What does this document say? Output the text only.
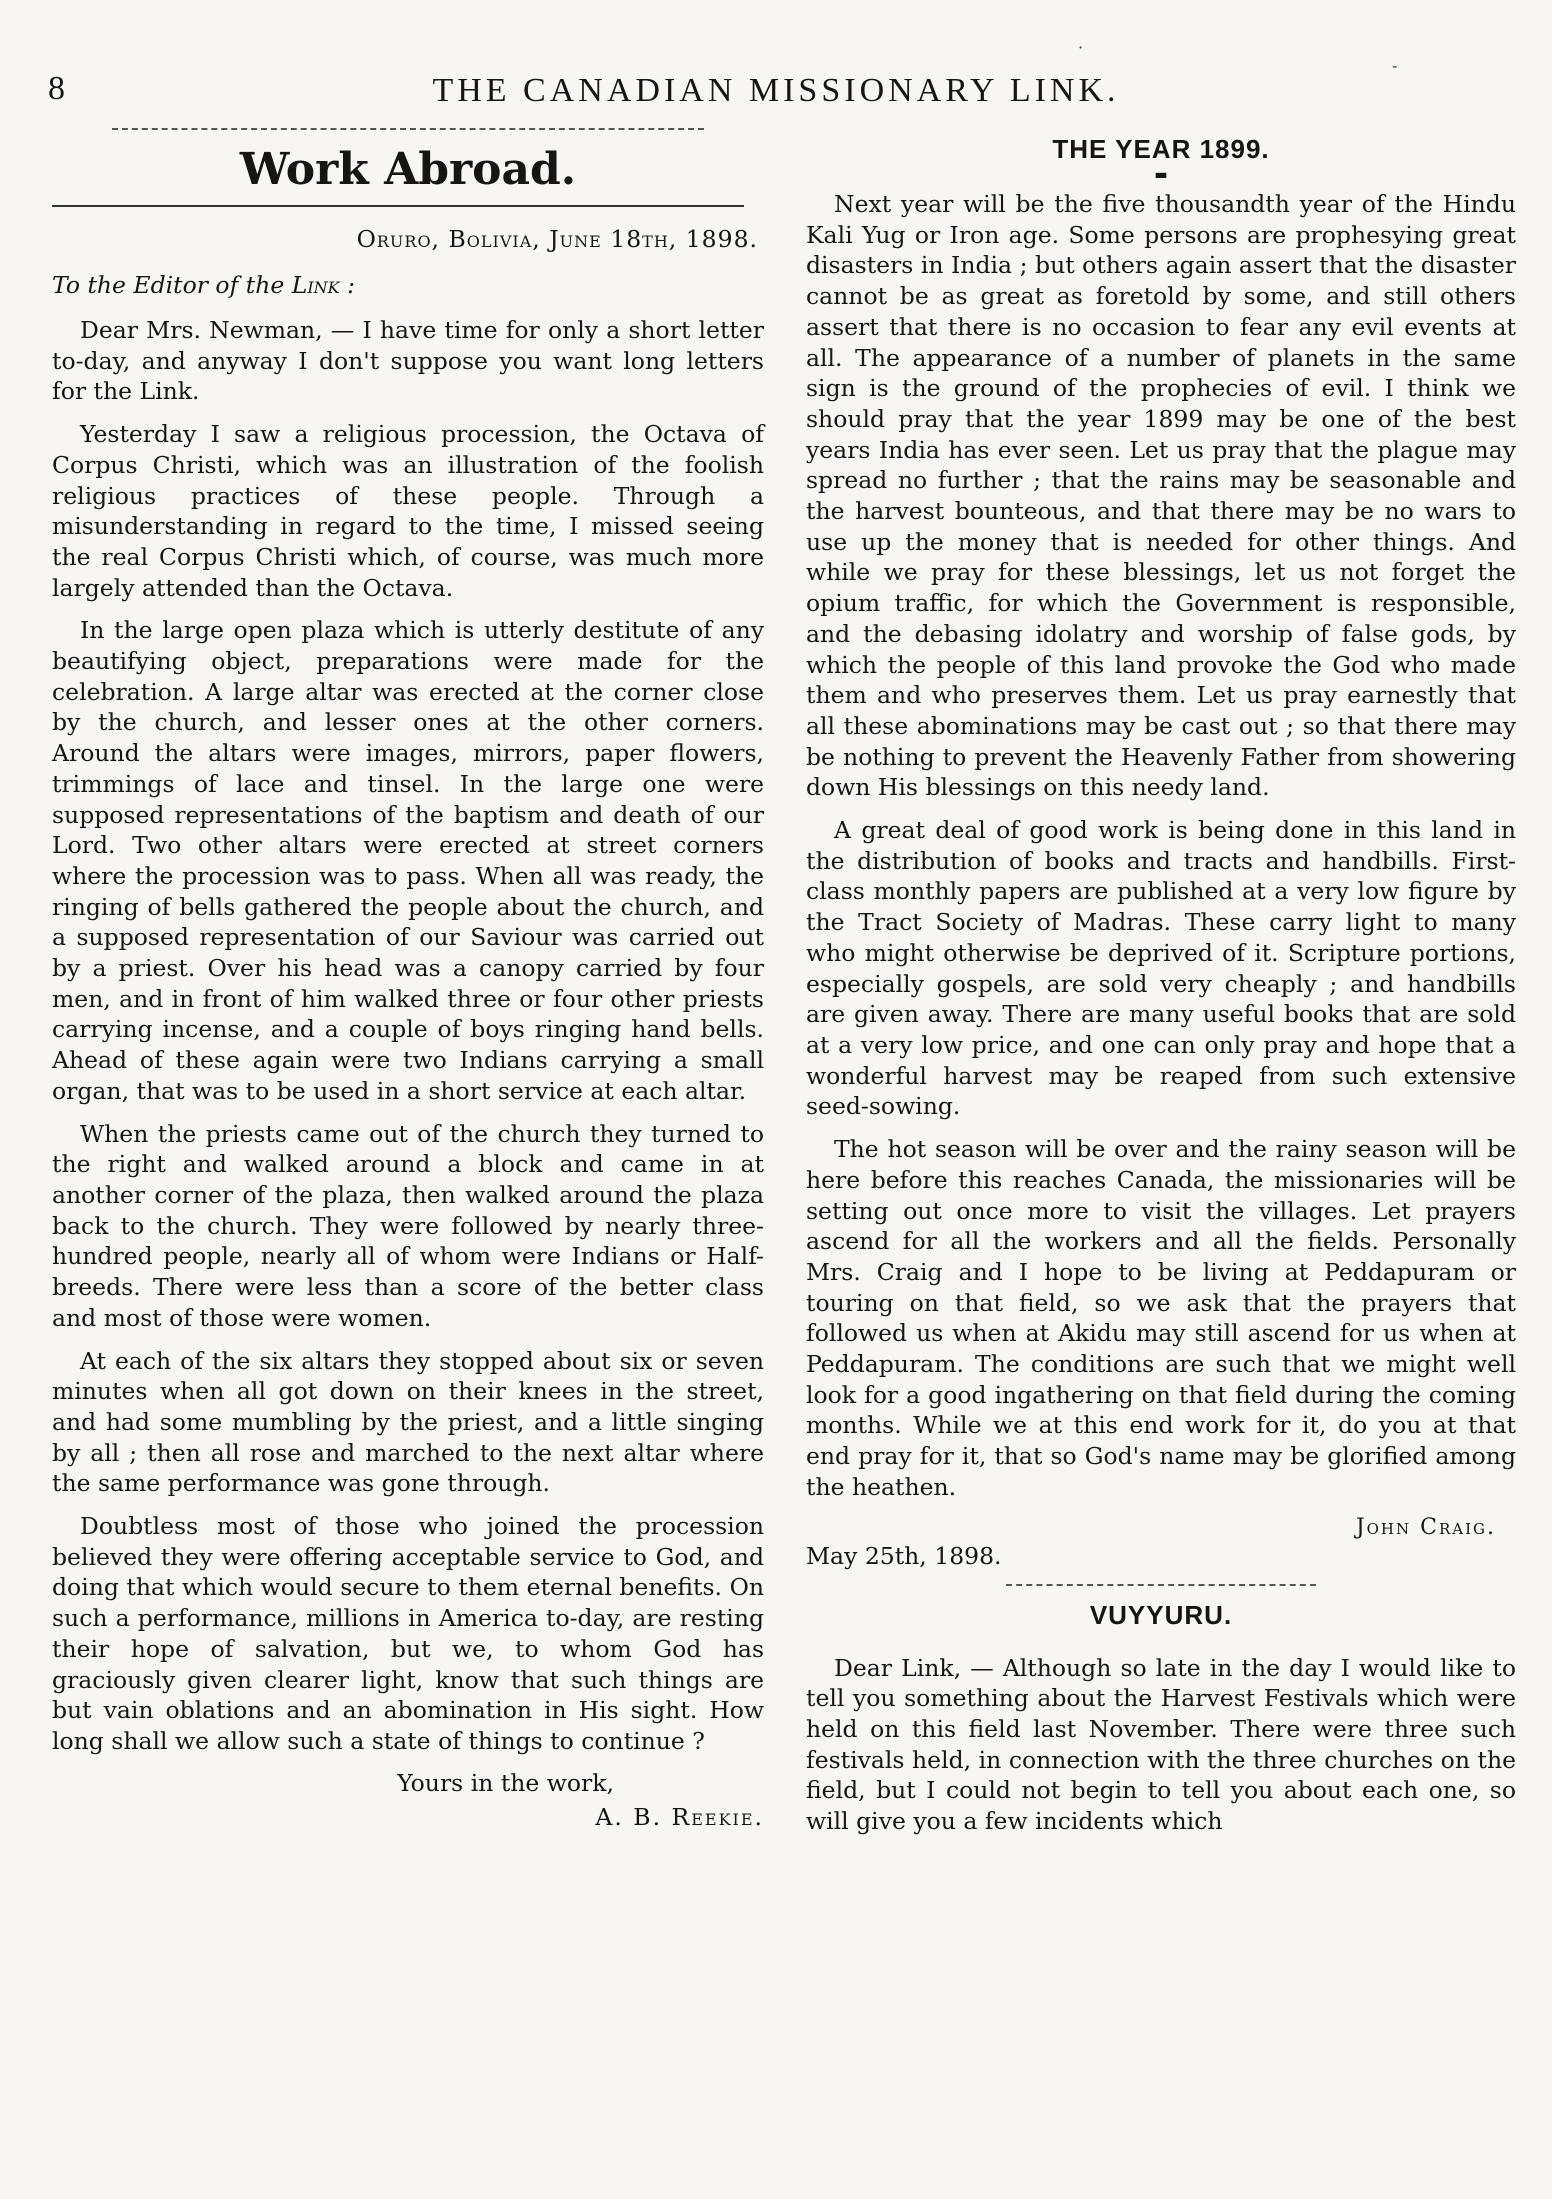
8	THE CANADIAN MISSIONARY LINK.
·
-
Work Abroad.
Oruro, Bolivia, June 18th, 1898.
To the Editor of the Link :

Dear Mrs. Newman, — I have time for only a short letter to-day, and anyway I don't suppose you want long letters for the Link.

Yesterday I saw a religious procession, the Octava of Corpus Christi, which was an illustration of the foolish religious practices of these people. Through a misunderstanding in regard to the time, I missed seeing the real Corpus Christi which, of course, was much more largely attended than the Octava.

In the large open plaza which is utterly destitute of any beautifying object, preparations were made for the celebration. A large altar was erected at the corner close by the church, and lesser ones at the other corners. Around the altars were images, mirrors, paper flowers, trimmings of lace and tinsel. In the large one were supposed representations of the baptism and death of our Lord. Two other altars were erected at street corners where the procession was to pass. When all was ready, the ringing of bells gathered the people about the church, and a supposed representation of our Saviour was carried out by a priest. Over his head was a canopy carried by four men, and in front of him walked three or four other priests carrying incense, and a couple of boys ringing hand bells. Ahead of these again were two Indians carrying a small organ, that was to be used in a short service at each altar.

When the priests came out of the church they turned to the right and walked around a block and came in at another corner of the plaza, then walked around the plaza back to the church. They were followed by nearly three-hundred people, nearly all of whom were Indians or Half-breeds. There were less than a score of the better class and most of those were women.

At each of the six altars they stopped about six or seven minutes when all got down on their knees in the street, and had some mumbling by the priest, and a little singing by all ; then all rose and marched to the next altar where the same performance was gone through.

Doubtless most of those who joined the procession believed they were offering acceptable service to God, and doing that which would secure to them eternal benefits. On such a performance, millions in America to-day, are resting their hope of salvation, but we, to whom God has graciously given clearer light, know that such things are but vain oblations and an abomination in His sight. How long shall we allow such a state of things to continue ?

Yours in the work,
A. B. Reekie.
THE YEAR 1899.
▬

Next year will be the five thousandth year of the Hindu Kali Yug or Iron age. Some persons are prophesying great disasters in India ; but others again assert that the disaster cannot be as great as foretold by some, and still others assert that there is no occasion to fear any evil events at all. The appearance of a number of planets in the same sign is the ground of the prophecies of evil. I think we should pray that the year 1899 may be one of the best years India has ever seen. Let us pray that the plague may spread no further ; that the rains may be seasonable and the harvest bounteous, and that there may be no wars to use up the money that is needed for other things. And while we pray for these blessings, let us not forget the opium traffic, for which the Government is responsible, and the debasing idolatry and worship of false gods, by which the people of this land provoke the God who made them and who preserves them. Let us pray earnestly that all these abominations may be cast out ; so that there may be nothing to prevent the Heavenly Father from showering down His blessings on this needy land.

A great deal of good work is being done in this land in the distribution of books and tracts and handbills. First-class monthly papers are published at a very low figure by the Tract Society of Madras. These carry light to many who might otherwise be deprived of it. Scripture portions, especially gospels, are sold very cheaply ; and handbills are given away. There are many useful books that are sold at a very low price, and one can only pray and hope that a wonderful harvest may be reaped from such extensive seed-sowing.

The hot season will be over and the rainy season will be here before this reaches Canada, the missionaries will be setting out once more to visit the villages. Let prayers ascend for all the workers and all the fields. Personally Mrs. Craig and I hope to be living at Peddapuram or touring on that field, so we ask that the prayers that followed us when at Akidu may still ascend for us when at Peddapuram. The conditions are such that we might well look for a good ingathering on that field during the coming months. While we at this end work for it, do you at that end pray for it, that so God's name may be glorified among the heathen.

John Craig.
May 25th, 1898.
VUYYURU.

Dear Link, — Although so late in the day I would like to tell you something about the Harvest Festivals which were held on this field last November. There were three such festivals held, in connection with the three churches on the field, but I could not begin to tell you about each one, so will give you a few incidents which
